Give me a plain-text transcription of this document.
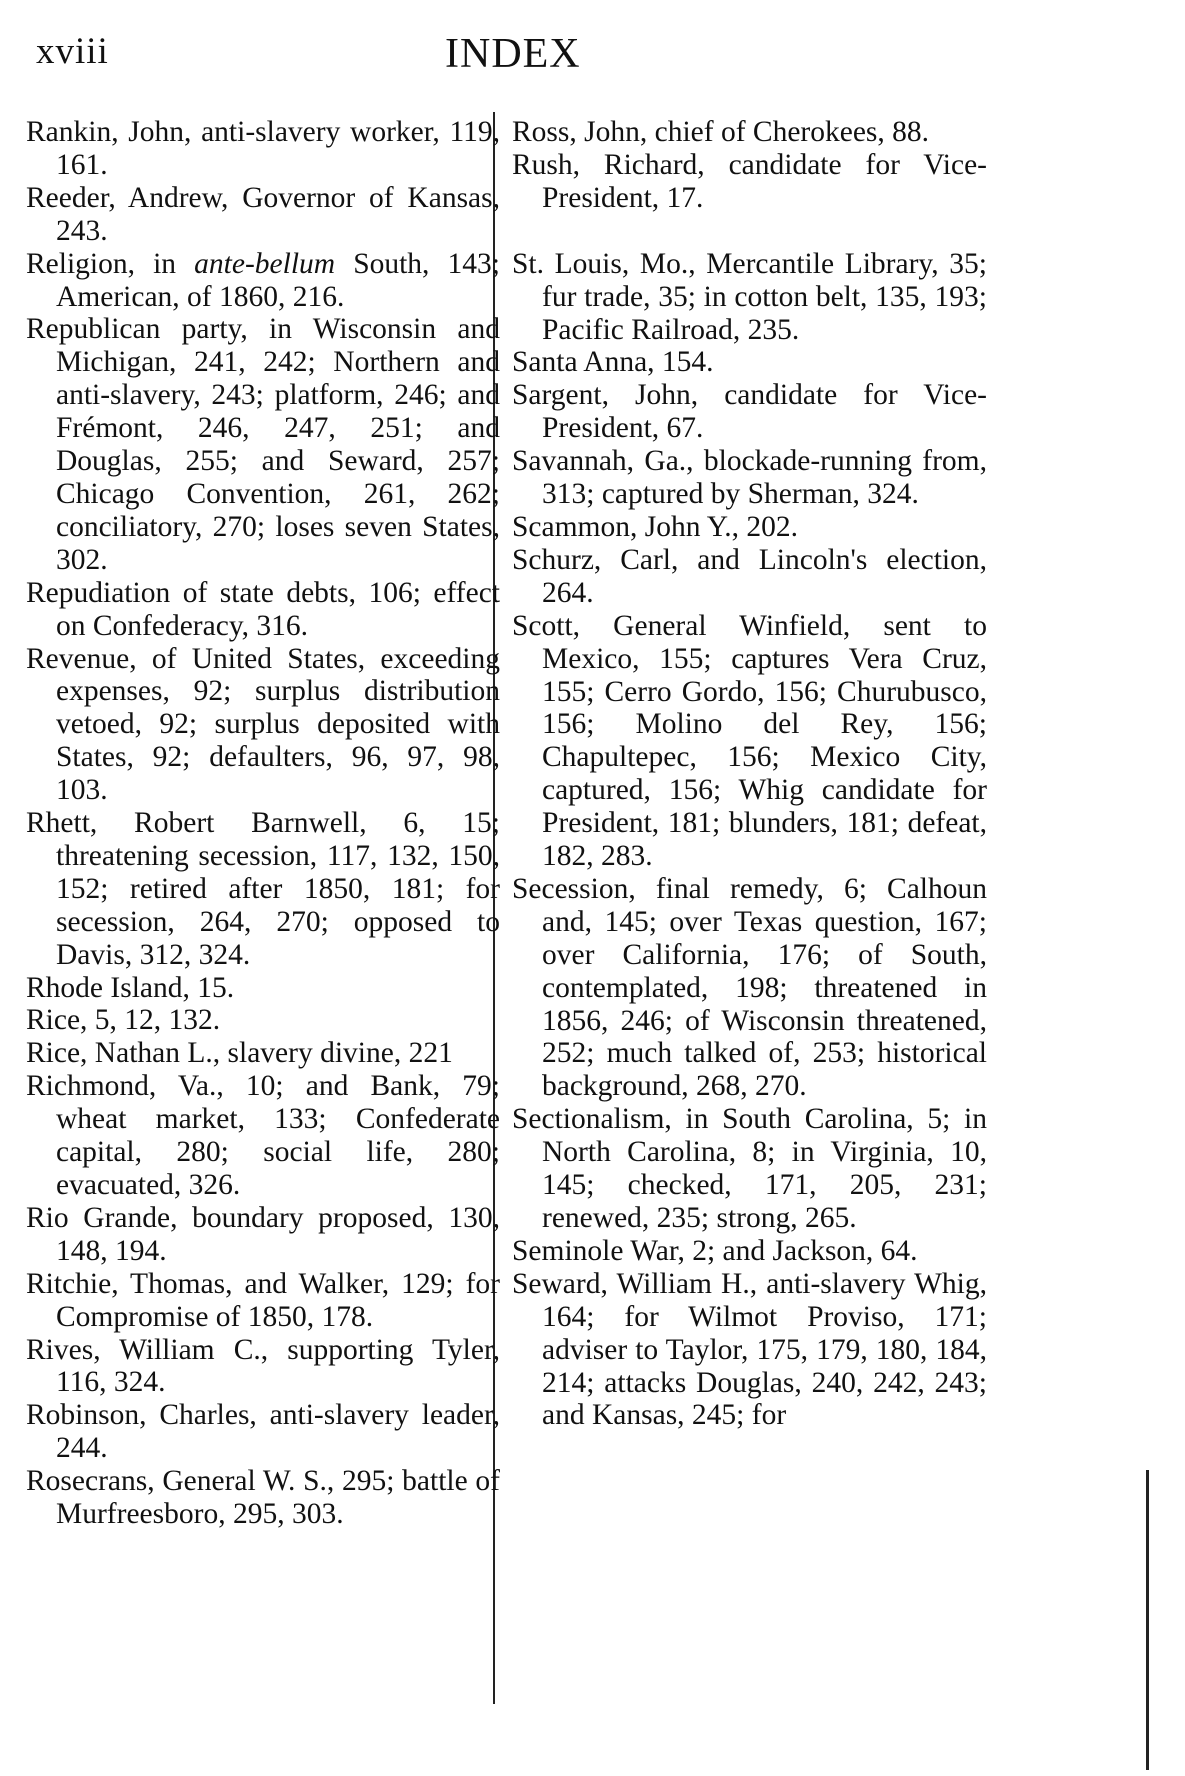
xviii	INDEX

Rankin, John, anti-slavery worker, 119, 161.

Reeder, Andrew, Governor of Kansas, 243.

Religion, in ante-bellum South, 143; American, of 1860, 216.

Republican party, in Wisconsin and Michigan, 241, 242; Northern and anti-slavery, 243; platform, 246; and Frémont, 246, 247, 251; and Douglas, 255; and Seward, 257; Chicago Convention, 261, 262; conciliatory, 270; loses seven States, 302.

Repudiation of state debts, 106; effect on Confederacy, 316.

Revenue, of United States, exceeding expenses, 92; surplus distribution vetoed, 92; surplus deposited with States, 92; defaulters, 96, 97, 98, 103.

Rhett, Robert Barnwell, 6, 15; threatening secession, 117, 132, 150, 152; retired after 1850, 181; for secession, 264, 270; opposed to Davis, 312, 324.

Rhode Island, 15.

Rice, 5, 12, 132.

Rice, Nathan L., slavery divine, 221

Richmond, Va., 10; and Bank, 79; wheat market, 133; Confederate capital, 280; social life, 280; evacuated, 326.

Rio Grande, boundary proposed, 130, 148, 194.

Ritchie, Thomas, and Walker, 129; for Compromise of 1850, 178.

Rives, William C., supporting Tyler, 116, 324.

Robinson, Charles, anti-slavery leader, 244.

Rosecrans, General W. S., 295; battle of Murfreesboro, 295, 303.

Ross, John, chief of Cherokees, 88.

Rush, Richard, candidate for Vice-President, 17.

St. Louis, Mo., Mercantile Library, 35; fur trade, 35; in cotton belt, 135, 193; Pacific Railroad, 235.

Santa Anna, 154.

Sargent, John, candidate for Vice-President, 67.

Savannah, Ga., blockade-running from, 313; captured by Sherman, 324.

Scammon, John Y., 202.

Schurz, Carl, and Lincoln's election, 264.

Scott, General Winfield, sent to Mexico, 155; captures Vera Cruz, 155; Cerro Gordo, 156; Churubusco, 156; Molino del Rey, 156; Chapultepec, 156; Mexico City, captured, 156; Whig candidate for President, 181; blunders, 181; defeat, 182, 283.

Secession, final remedy, 6; Calhoun and, 145; over Texas question, 167; over California, 176; of South, contemplated, 198; threatened in 1856, 246; of Wisconsin threatened, 252; much talked of, 253; historical background, 268, 270.

Sectionalism, in South Carolina, 5; in North Carolina, 8; in Virginia, 10, 145; checked, 171, 205, 231; renewed, 235; strong, 265.

Seminole War, 2; and Jackson, 64.

Seward, William H., anti-slavery Whig, 164; for Wilmot Proviso, 171; adviser to Taylor, 175, 179, 180, 184, 214; attacks Douglas, 240, 242, 243; and Kansas, 245; for
